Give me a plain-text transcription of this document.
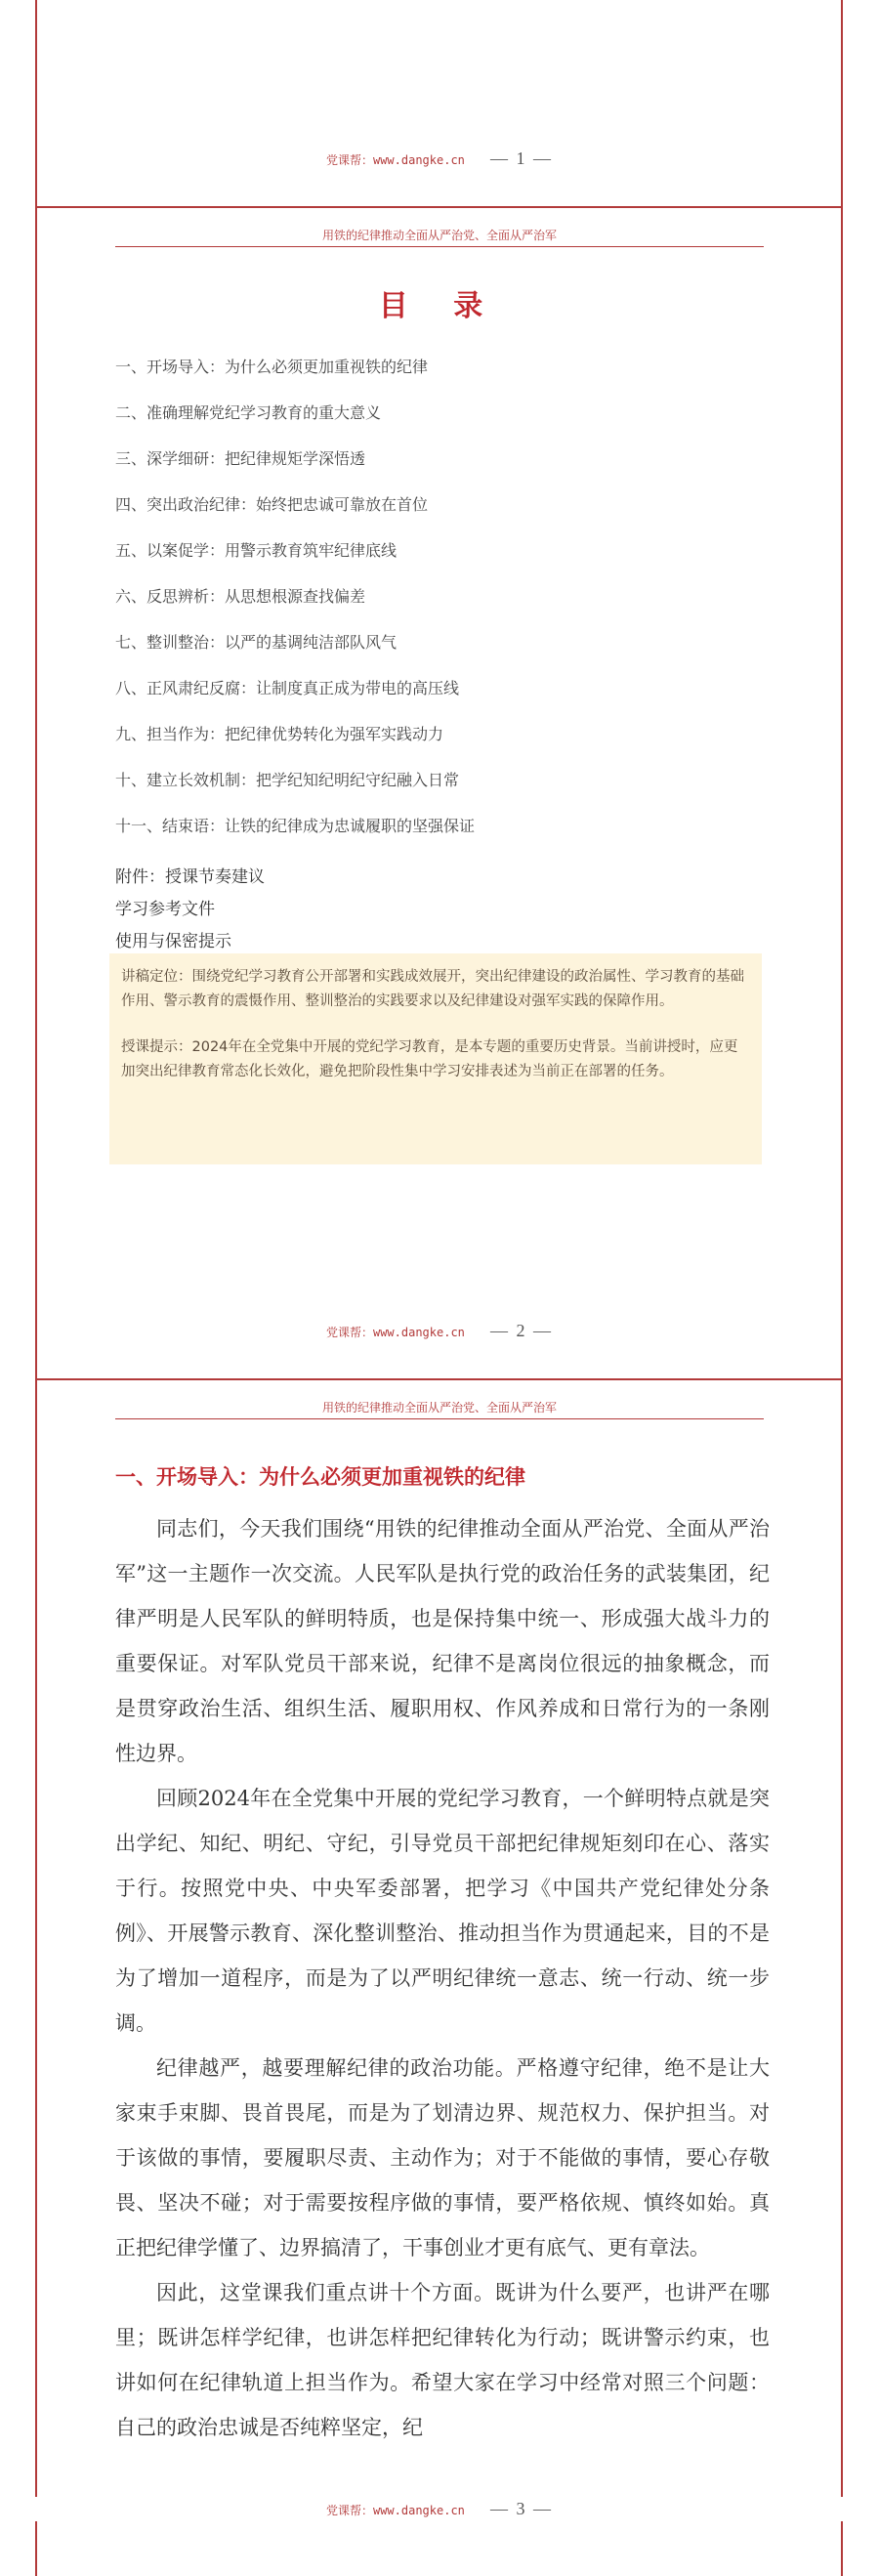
党课帮：www.dangke.cn — 1 —
用铁的纪律推动全面从严治党、全面从严治军
目 录
一、开场导入：为什么必须更加重视铁的纪律
二、准确理解党纪学习教育的重大意义
三、深学细研：把纪律规矩学深悟透
四、突出政治纪律：始终把忠诚可靠放在首位
五、以案促学：用警示教育筑牢纪律底线
六、反思辨析：从思想根源查找偏差
七、整训整治：以严的基调纯洁部队风气
八、正风肃纪反腐：让制度真正成为带电的高压线
九、担当作为：把纪律优势转化为强军实践动力
十、建立长效机制：把学纪知纪明纪守纪融入日常
十一、结束语：让铁的纪律成为忠诚履职的坚强保证
附件：授课节奏建议
学习参考文件
使用与保密提示

讲稿定位：围绕党纪学习教育公开部署和实践成效展开，突出纪律建设的政治属性、学习教育的基础作用、警示教育的震慑作用、整训整治的实践要求以及纪律建设对强军实践的保障作用。

授课提示：2024年在全党集中开展的党纪学习教育，是本专题的重要历史背景。当前讲授时，应更加突出纪律教育常态化长效化，避免把阶段性集中学习安排表述为当前正在部署的任务。

党课帮：www.dangke.cn — 2 —
用铁的纪律推动全面从严治党、全面从严治军
一、开场导入：为什么必须更加重视铁的纪律

同志们，今天我们围绕“用铁的纪律推动全面从严治党、全面从严治军”这一主题作一次交流。人民军队是执行党的政治任务的武装集团，纪律严明是人民军队的鲜明特质，也是保持集中统一、形成强大战斗力的重要保证。对军队党员干部来说，纪律不是离岗位很远的抽象概念，而是贯穿政治生活、组织生活、履职用权、作风养成和日常行为的一条刚性边界。

回顾2024年在全党集中开展的党纪学习教育，一个鲜明特点就是突出学纪、知纪、明纪、守纪，引导党员干部把纪律规矩刻印在心、落实于行。按照党中央、中央军委部署，把学习《中国共产党纪律处分条例》、开展警示教育、深化整训整治、推动担当作为贯通起来，目的不是为了增加一道程序，而是为了以严明纪律统一意志、统一行动、统一步调。

纪律越严，越要理解纪律的政治功能。严格遵守纪律，绝不是让大家束手束脚、畏首畏尾，而是为了划清边界、规范权力、保护担当。对于该做的事情，要履职尽责、主动作为；对于不能做的事情，要心存敬畏、坚决不碰；对于需要按程序做的事情，要严格依规、慎终如始。真正把纪律学懂了、边界搞清了，干事创业才更有底气、更有章法。

因此，这堂课我们重点讲十个方面。既讲为什么要严，也讲严在哪里；既讲怎样学纪律，也讲怎样把纪律转化为行动；既讲警示约束，也讲如何在纪律轨道上担当作为。希望大家在学习中经常对照三个问题：自己的政治忠诚是否纯粹坚定，纪

党课帮：www.dangke.cn — 3 —
